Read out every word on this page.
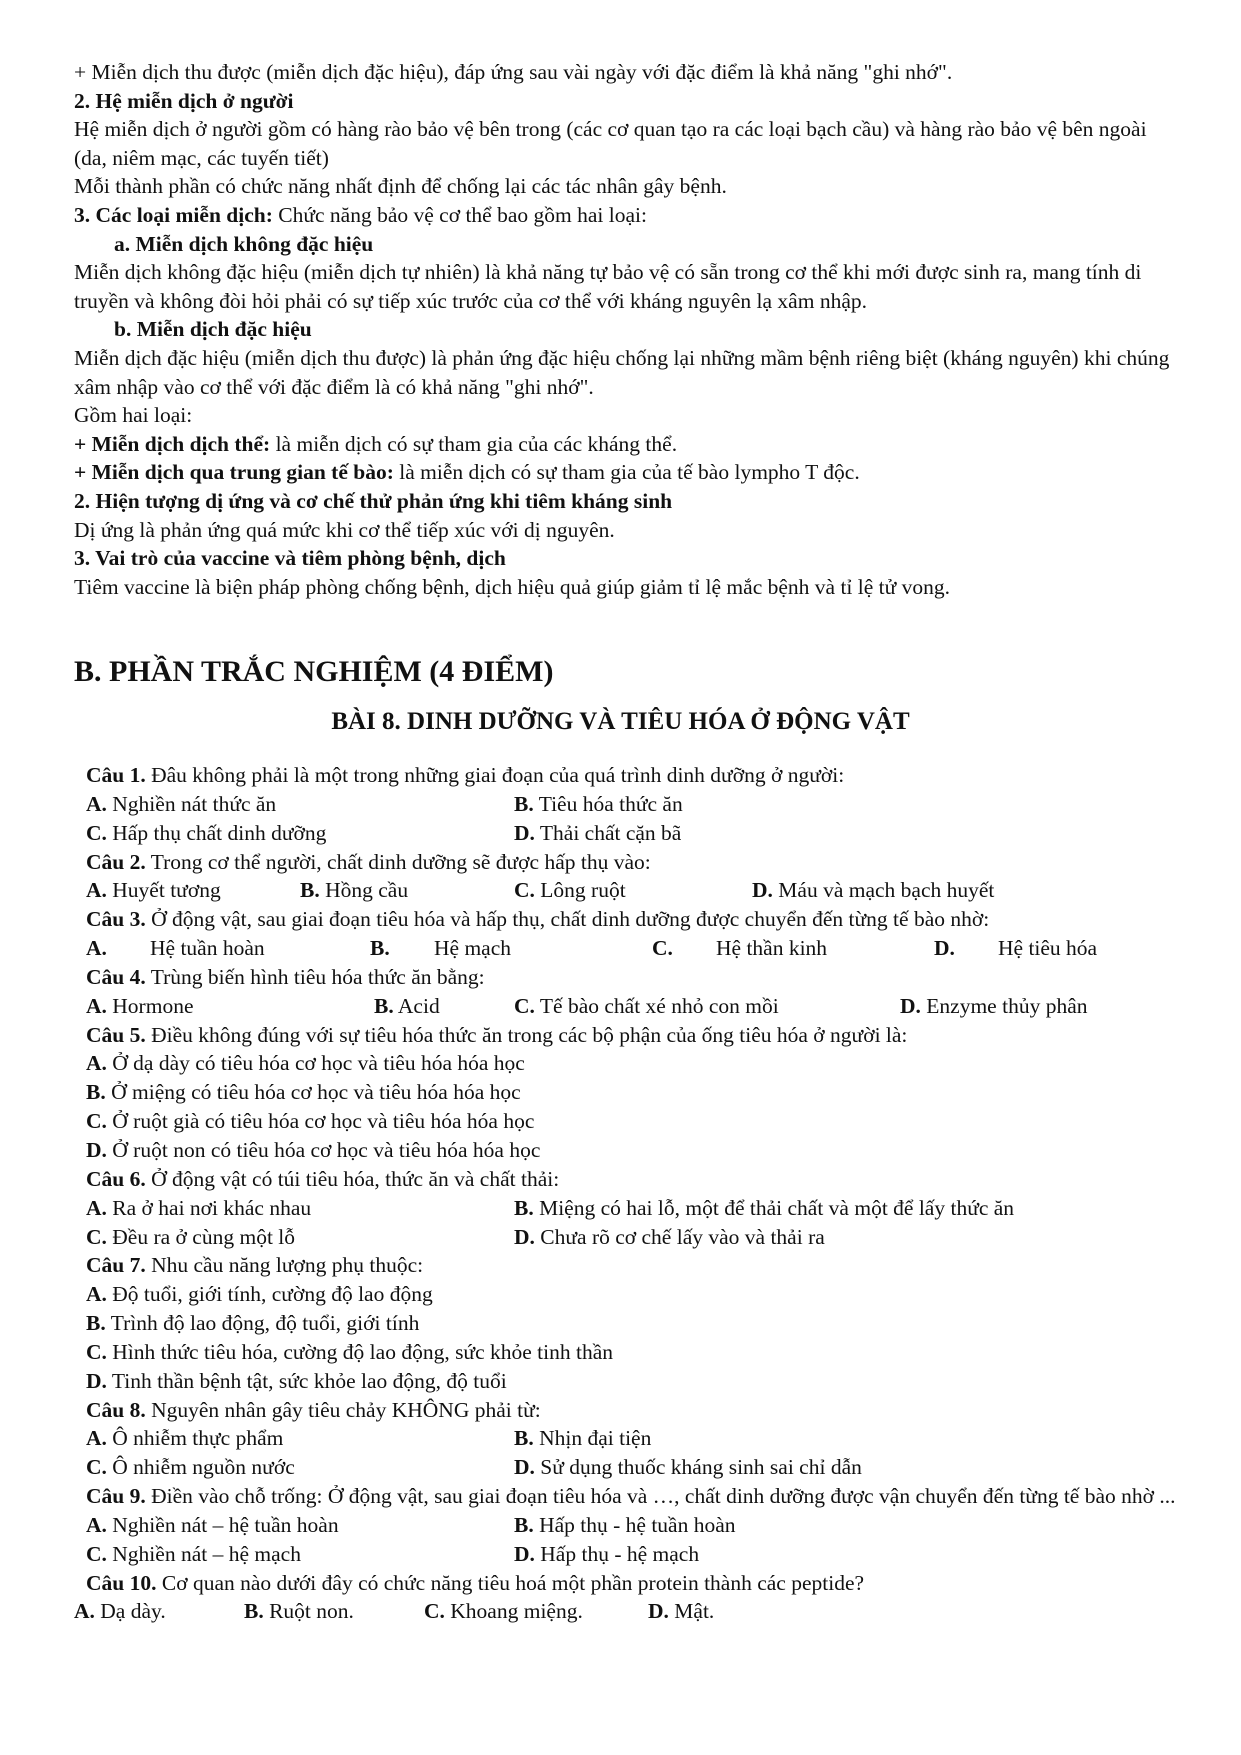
+ Miễn dịch thu được (miễn dịch đặc hiệu), đáp ứng sau vài ngày với đặc điểm là khả năng "ghi nhớ".

2. Hệ miễn dịch ở người

Hệ miễn dịch ở người gồm có hàng rào bảo vệ bên trong (các cơ quan tạo ra các loại bạch cầu) và hàng rào bảo vệ bên ngoài (da, niêm mạc, các tuyến tiết)

Mỗi thành phần có chức năng nhất định để chống lại các tác nhân gây bệnh.

3. Các loại miễn dịch: Chức năng bảo vệ cơ thể bao gồm hai loại:

a. Miễn dịch không đặc hiệu

Miễn dịch không đặc hiệu (miễn dịch tự nhiên) là khả năng tự bảo vệ có sẵn trong cơ thể khi mới được sinh ra, mang tính di truyền và không đòi hỏi phải có sự tiếp xúc trước của cơ thể với kháng nguyên lạ xâm nhập.

b. Miễn dịch đặc hiệu

Miễn dịch đặc hiệu (miễn dịch thu được) là phản ứng đặc hiệu chống lại những mầm bệnh riêng biệt (kháng nguyên) khi chúng xâm nhập vào cơ thể với đặc điểm là có khả năng "ghi nhớ".

Gồm hai loại:

+ Miễn dịch dịch thể: là miễn dịch có sự tham gia của các kháng thể.

+ Miễn dịch qua trung gian tế bào: là miễn dịch có sự tham gia của tế bào lympho T độc.

2. Hiện tượng dị ứng và cơ chế thử phản ứng khi tiêm kháng sinh

Dị ứng là phản ứng quá mức khi cơ thể tiếp xúc với dị nguyên.

3. Vai trò của vaccine và tiêm phòng bệnh, dịch

Tiêm vaccine là biện pháp phòng chống bệnh, dịch hiệu quả giúp giảm tỉ lệ mắc bệnh và tỉ lệ tử vong.

B. PHẦN TRẮC NGHIỆM (4 ĐIỂM)
BÀI 8. DINH DƯỠNG VÀ TIÊU HÓA Ở ĐỘNG VẬT

Câu 1. Đâu không phải là một trong những giai đoạn của quá trình dinh dưỡng ở người:

A. Nghiền nát thức ăn	B. Tiêu hóa thức ăn
C. Hấp thụ chất dinh dưỡng	D. Thải chất cặn bã

Câu 2. Trong cơ thể người, chất dinh dưỡng sẽ được hấp thụ vào:

A. Huyết tương	B. Hồng cầu	C. Lông ruột	D. Máu và mạch bạch huyết

Câu 3. Ở động vật, sau giai đoạn tiêu hóa và hấp thụ, chất dinh dưỡng được chuyển đến từng tế bào nhờ:

A. Hệ tuần hoàn	B. Hệ mạch	C. Hệ thần kinh	D. Hệ tiêu hóa

Câu 4. Trùng biến hình tiêu hóa thức ăn bằng:

A. Hormone	B. Acid	C. Tế bào chất xé nhỏ con mồi	D. Enzyme thủy phân

Câu 5. Điều không đúng với sự tiêu hóa thức ăn trong các bộ phận của ống tiêu hóa ở người là:

A. Ở dạ dày có tiêu hóa cơ học và tiêu hóa hóa học

B. Ở miệng có tiêu hóa cơ học và tiêu hóa hóa học

C. Ở ruột già có tiêu hóa cơ học và tiêu hóa hóa học

D. Ở ruột non có tiêu hóa cơ học và tiêu hóa hóa học

Câu 6. Ở động vật có túi tiêu hóa, thức ăn và chất thải:

A. Ra ở hai nơi khác nhau	B. Miệng có hai lỗ, một để thải chất và một để lấy thức ăn
C. Đều ra ở cùng một lỗ	D. Chưa rõ cơ chế lấy vào và thải ra

Câu 7. Nhu cầu năng lượng phụ thuộc:

A. Độ tuổi, giới tính, cường độ lao động

B. Trình độ lao động, độ tuổi, giới tính

C. Hình thức tiêu hóa, cường độ lao động, sức khỏe tinh thần

D. Tinh thần bệnh tật, sức khỏe lao động, độ tuổi

Câu 8. Nguyên nhân gây tiêu chảy KHÔNG phải từ:

A. Ô nhiễm thực phẩm	B. Nhịn đại tiện
C. Ô nhiễm nguồn nước	D. Sử dụng thuốc kháng sinh sai chỉ dẫn

Câu 9. Điền vào chỗ trống: Ở động vật, sau giai đoạn tiêu hóa và …, chất dinh dưỡng được vận chuyển đến từng tế bào nhờ ...

A. Nghiền nát – hệ tuần hoàn	B. Hấp thụ - hệ tuần hoàn
C. Nghiền nát – hệ mạch	D. Hấp thụ - hệ mạch

Câu 10. Cơ quan nào dưới đây có chức năng tiêu hoá một phần protein thành các peptide?

A. Dạ dày.	B. Ruột non.	C. Khoang miệng.	D. Mật.
